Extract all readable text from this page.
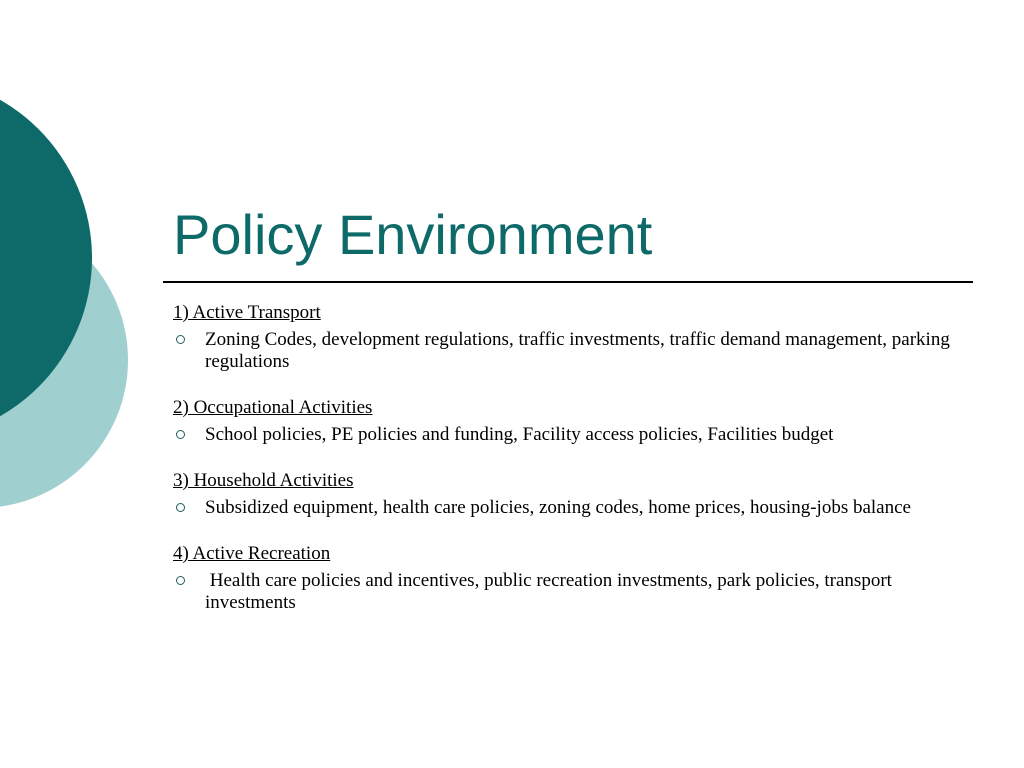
Policy Environment
1) Active Transport
Zoning Codes, development regulations, traffic investments, traffic demand management, parking regulations
2) Occupational Activities
School policies, PE policies and funding, Facility access policies, Facilities budget
3) Household Activities
Subsidized equipment, health care policies, zoning codes, home prices, housing-jobs balance
4) Active Recreation
Health care policies and incentives, public recreation investments, park policies, transport investments
